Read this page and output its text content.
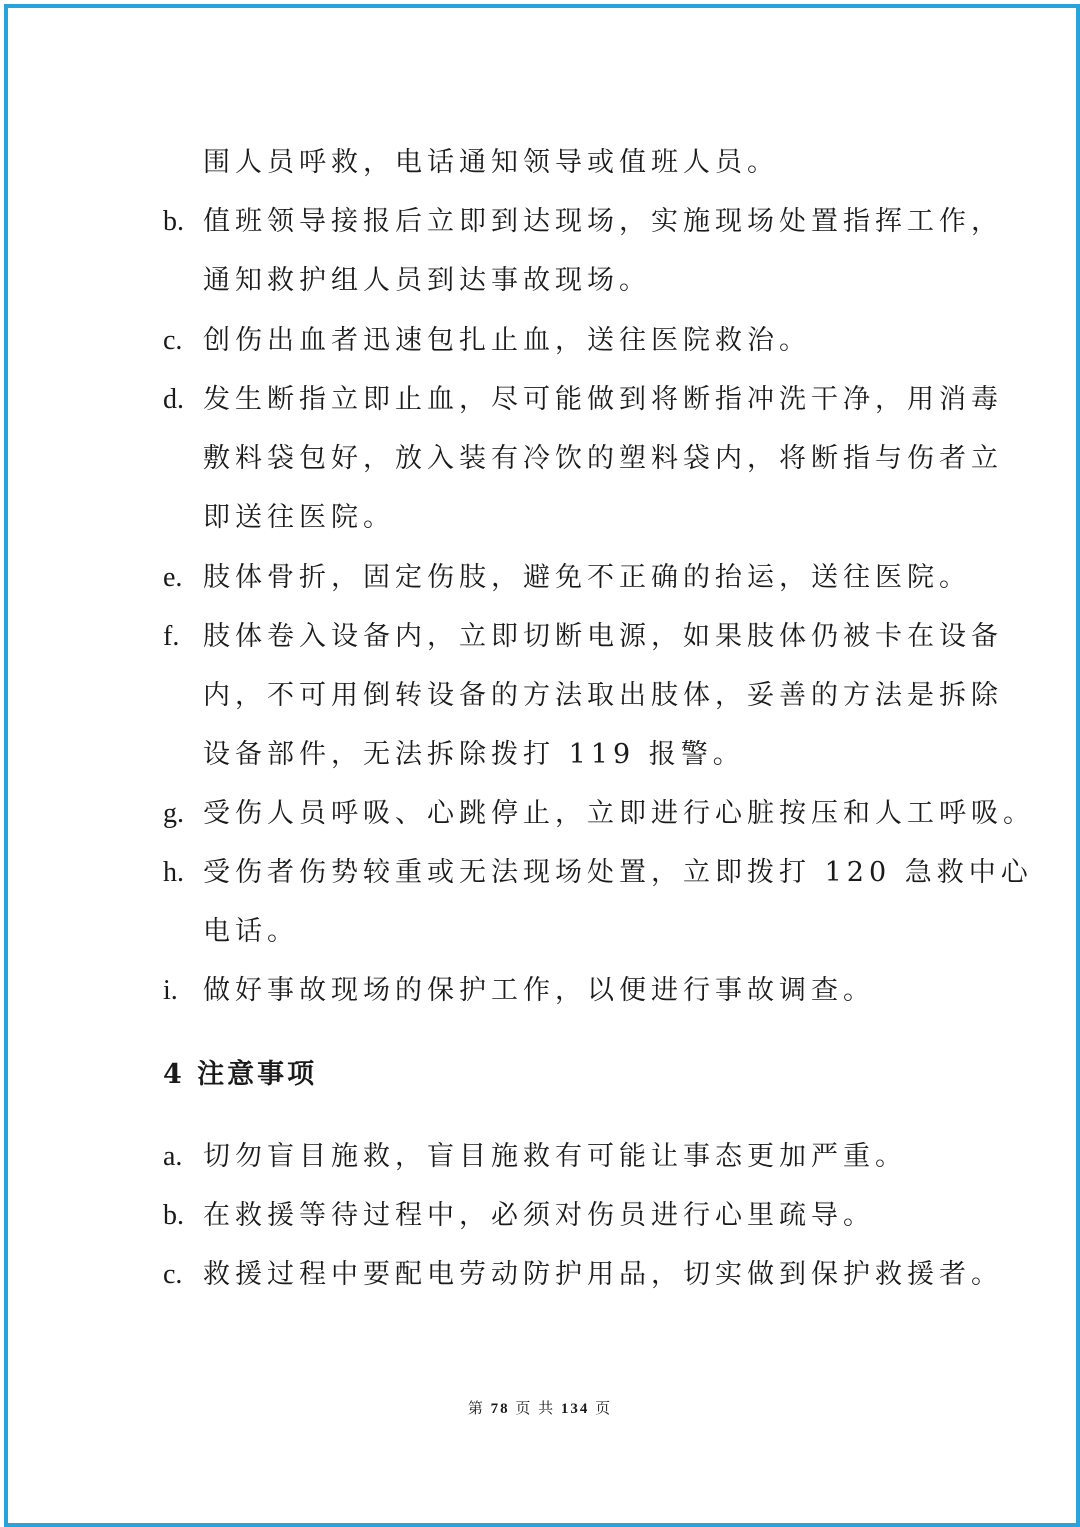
围人员呼救，电话通知领导或值班人员。
b. 值班领导接报后立即到达现场，实施现场处置指挥工作，
通知救护组人员到达事故现场。
c. 创伤出血者迅速包扎止血，送往医院救治。
d. 发生断指立即止血，尽可能做到将断指冲洗干净，用消毒
敷料袋包好，放入装有冷饮的塑料袋内，将断指与伤者立
即送往医院。
e. 肢体骨折，固定伤肢，避免不正确的抬运，送往医院。
f. 肢体卷入设备内，立即切断电源，如果肢体仍被卡在设备
内，不可用倒转设备的方法取出肢体，妥善的方法是拆除
设备部件，无法拆除拨打 119 报警。
g. 受伤人员呼吸、心跳停止，立即进行心脏按压和人工呼吸。
h. 受伤者伤势较重或无法现场处置，立即拨打 120 急救中心
电话。
i. 做好事故现场的保护工作，以便进行事故调查。
4 注意事项
a. 切勿盲目施救，盲目施救有可能让事态更加严重。
b. 在救援等待过程中，必须对伤员进行心里疏导。
c. 救援过程中要配电劳动防护用品，切实做到保护救援者。
第 78 页 共 134 页
